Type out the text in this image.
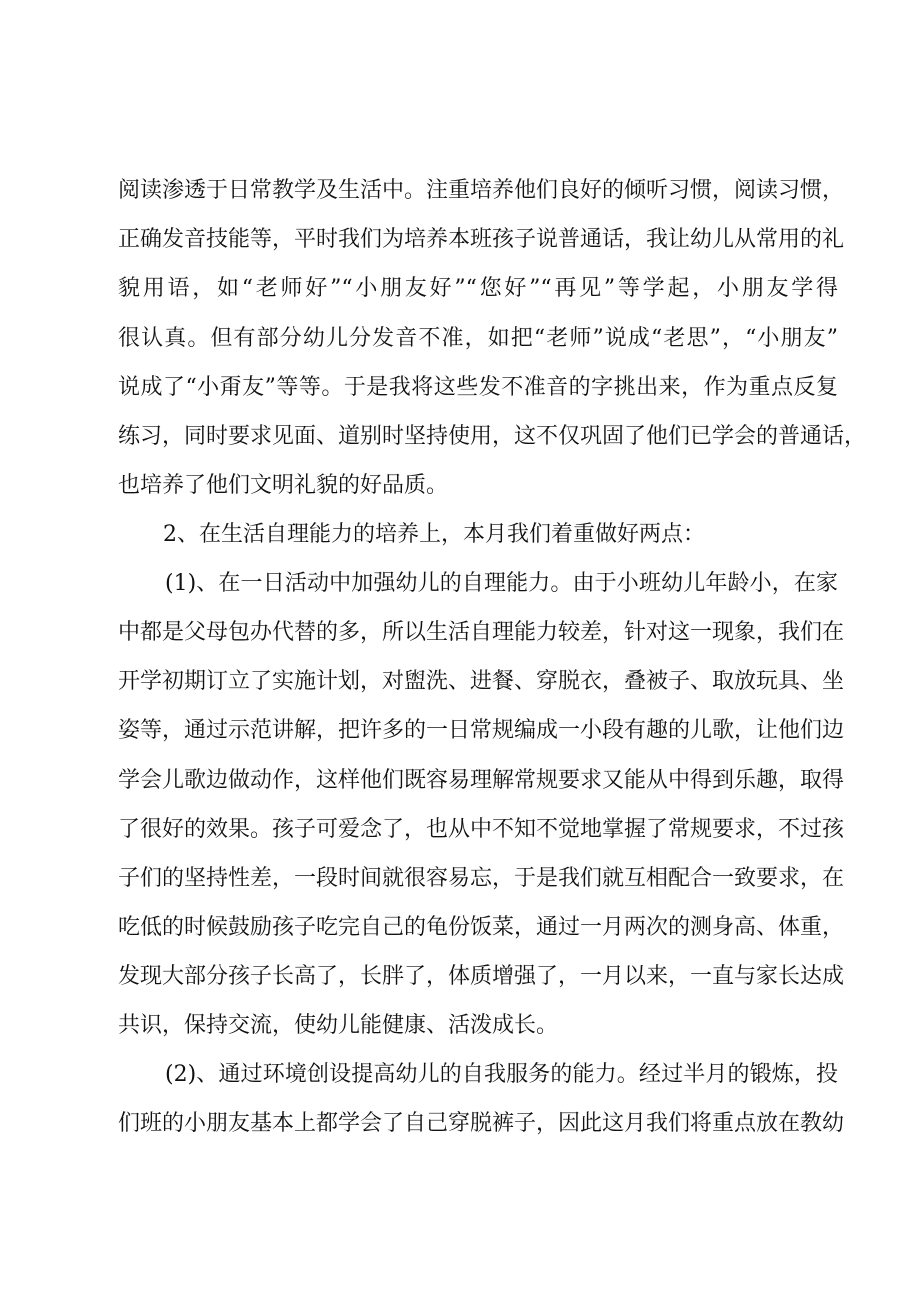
阅读渗透于日常教学及生活中。注重培养他们良好的倾听习惯，阅读习惯，
正确发音技能等，平时我们为培养本班孩子说普通话，我让幼儿从常用的礼
貌用语，如“老师好”“小朋友好”“您好”“再见”等学起，小朋友学得
很认真。但有部分幼儿分发音不准，如把“老师”说成“老思”，“小朋友”
说成了“小甭友”等等。于是我将这些发不准音的字挑出来，作为重点反复
练习，同时要求见面、道别时坚持使用，这不仅巩固了他们已学会的普通话，
也培养了他们文明礼貌的好品质。
2、在生活自理能力的培养上，本月我们着重做好两点：
(1)、在一日活动中加强幼儿的自理能力。由于小班幼儿年龄小，在家
中都是父母包办代替的多，所以生活自理能力较差，针对这一现象，我们在
开学初期订立了实施计划，对盥洗、进餐、穿脱衣，叠被子、取放玩具、坐
姿等，通过示范讲解，把许多的一日常规编成一小段有趣的儿歌，让他们边
学会儿歌边做动作，这样他们既容易理解常规要求又能从中得到乐趣，取得
了很好的效果。孩子可爱念了，也从中不知不觉地掌握了常规要求，不过孩
子们的坚持性差，一段时间就很容易忘，于是我们就互相配合一致要求，在
吃低的时候鼓励孩子吃完自己的龟份饭菜，通过一月两次的测身高、体重，
发现大部分孩子长高了，长胖了，体质增强了，一月以来，一直与家长达成
共识，保持交流，使幼儿能健康、活泼成长。
(2)、通过环境创设提高幼儿的自我服务的能力。经过半月的锻炼，投
们班的小朋友基本上都学会了自己穿脱裤子，因此这月我们将重点放在教幼
